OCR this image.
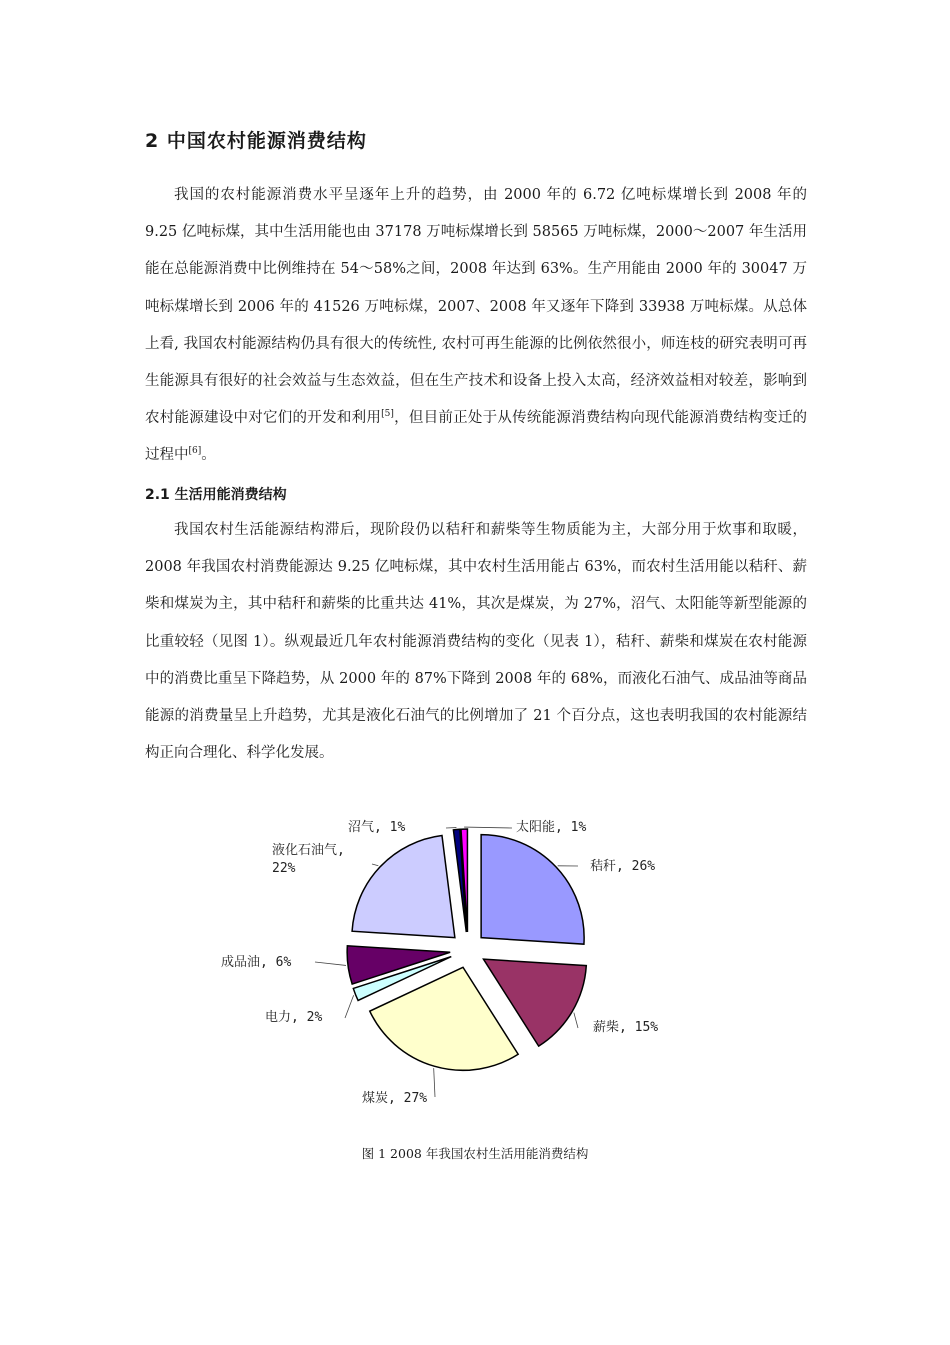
2 中国农村能源消费结构

我国的农村能源消费水平呈逐年上升的趋势，由 2000 年的 6.72 亿吨标煤增长到 2008 年的 9.25 亿吨标煤，其中生活用能也由 37178 万吨标煤增长到 58565 万吨标煤，2000～2007 年生活用能在总能源消费中比例维持在 54～58%之间，2008 年达到 63%。生产用能由 2000 年的 30047 万吨标煤增长到 2006 年的 41526 万吨标煤，2007、2008 年又逐年下降到 33938 万吨标煤。从总体上看, 我国农村能源结构仍具有很大的传统性, 农村可再生能源的比例依然很小，师连枝的研究表明可再生能源具有很好的社会效益与生态效益，但在生产技术和设备上投入太高，经济效益相对较差，影响到农村能源建设中对它们的开发和利用[5]，但目前正处于从传统能源消费结构向现代能源消费结构变迁的过程中[6]。

2.1 生活用能消费结构

我国农村生活能源结构滞后，现阶段仍以秸秆和薪柴等生物质能为主，大部分用于炊事和取暖，2008 年我国农村消费能源达 9.25 亿吨标煤，其中农村生活用能占 63%，而农村生活用能以秸秆、薪柴和煤炭为主，其中秸秆和薪柴的比重共达 41%，其次是煤炭，为 27%，沼气、太阳能等新型能源的比重较轻（见图 1）。纵观最近几年农村能源消费结构的变化（见表 1），秸秆、薪柴和煤炭在农村能源中的消费比重呈下降趋势，从 2000 年的 87%下降到 2008 年的 68%，而液化石油气、成品油等商品能源的消费量呈上升趋势，尤其是液化石油气的比例增加了 21 个百分点，这也表明我国的农村能源结构正向合理化、科学化发展。

秸秆, 26%
薪柴, 15%
煤炭, 27%
电力, 2%
成品油, 6%
液化石油气,
22%
沼气, 1%	太阳能, 1%

图 1 2008 年我国农村生活用能消费结构
